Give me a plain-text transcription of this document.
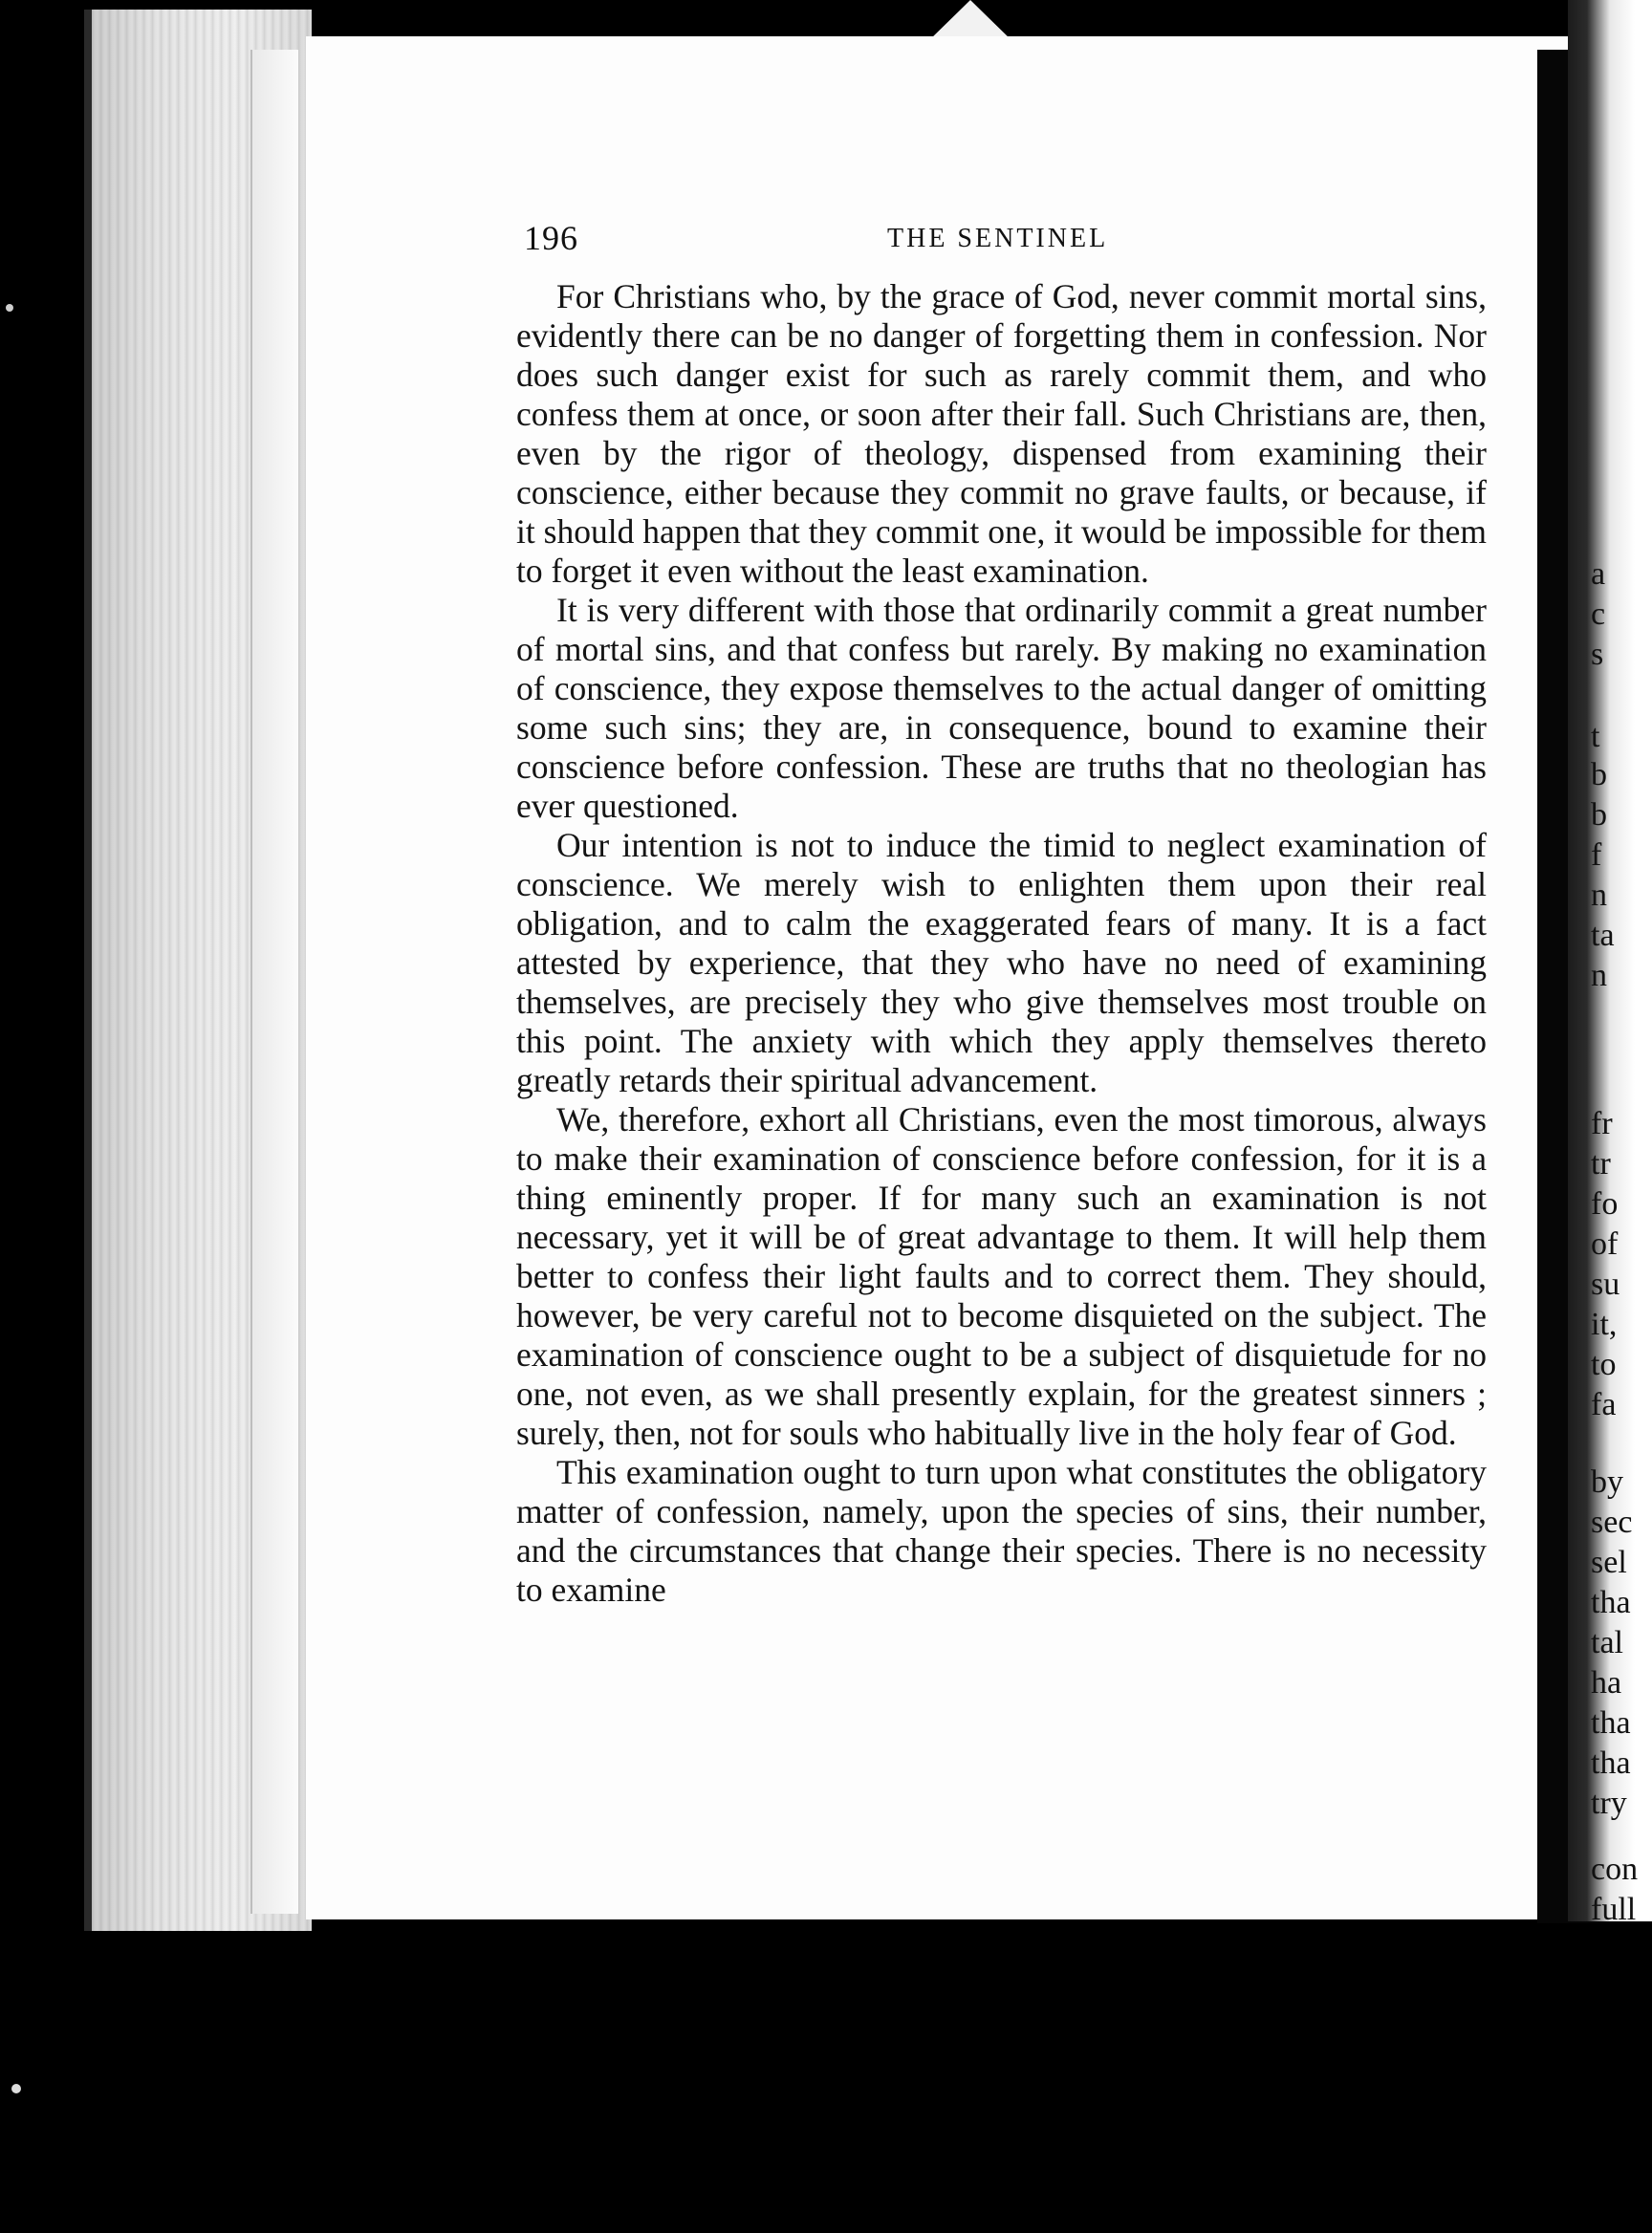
a
c
s
t
b
b
f
n
ta
n
fr
tr
fo
of
su
it,
to
fa
by
sec
sel
tha
tal
ha
tha
tha
try
con
full
196	THE SENTINEL

For Christians who, by the grace of God, never commit mortal sins, evidently there can be no danger of forgetting them in confession. Nor does such danger exist for such as rarely commit them, and who confess them at once, or soon after their fall. Such Christians are, then, even by the rigor of theology, dispensed from examining their conscience, either because they commit no grave faults, or because, if it should happen that they commit one, it would be impossible for them to forget it even without the least examination.

It is very different with those that ordinarily commit a great number of mortal sins, and that confess but rarely. By making no examination of conscience, they expose themselves to the actual danger of omitting some such sins; they are, in consequence, bound to examine their conscience before confession. These are truths that no theologian has ever questioned.

Our intention is not to induce the timid to neglect examination of conscience. We merely wish to enlighten them upon their real obligation, and to calm the exaggerated fears of many. It is a fact attested by experience, that they who have no need of examining themselves, are precisely they who give themselves most trouble on this point. The anxiety with which they apply themselves thereto greatly retards their spiritual advancement.

We, therefore, exhort all Christians, even the most timorous, always to make their examination of conscience before confession, for it is a thing eminently proper. If for many such an examination is not necessary, yet it will be of great advantage to them. It will help them better to confess their light faults and to correct them. They should, however, be very careful not to become disquieted on the subject. The examination of conscience ought to be a subject of disquietude for no one, not even, as we shall presently explain, for the greatest sinners ; surely, then, not for souls who habitually live in the holy fear of God.

This examination ought to turn upon what constitutes the obligatory matter of confession, namely, upon the species of sins, their number, and the circumstances that change their species. There is no necessity to examine
